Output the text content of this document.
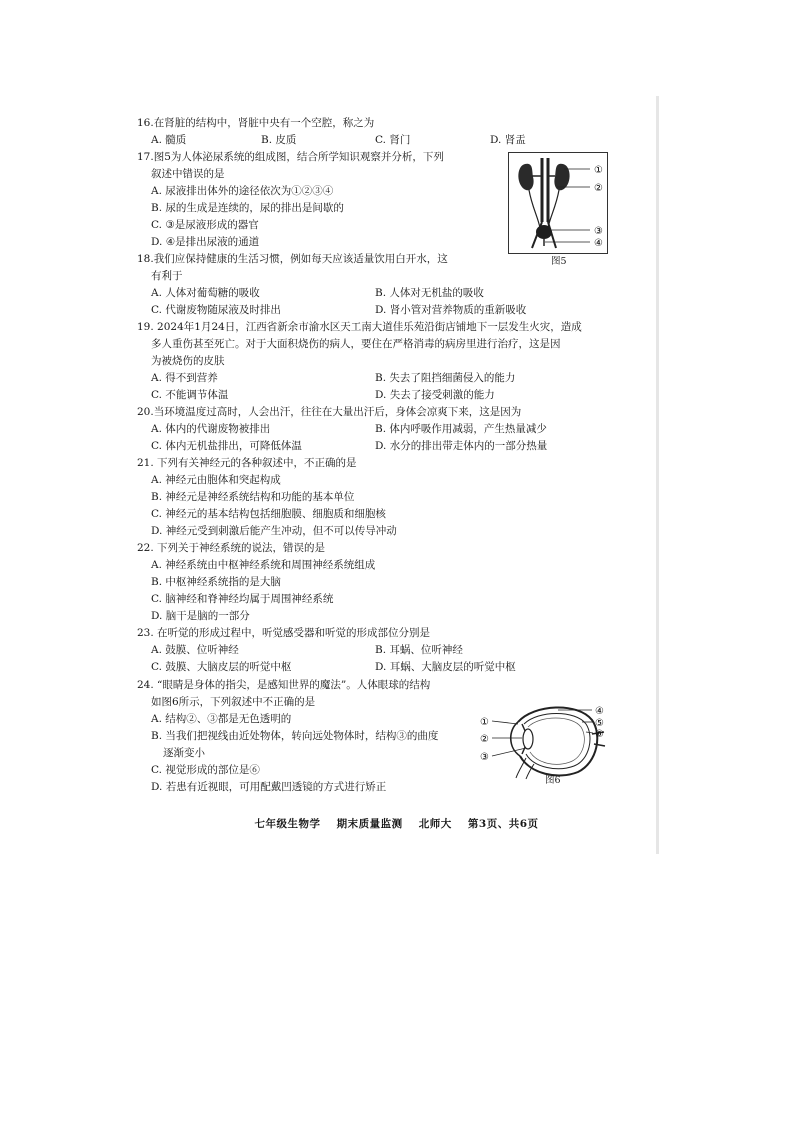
16.在肾脏的结构中，肾脏中央有一个空腔，称之为
A. 髓质	B. 皮质	C. 肾门	D. 肾盂
17.图5为人体泌尿系统的组成图，结合所学知识观察并分析，下列
叙述中错误的是
A. 尿液排出体外的途径依次为①②③④
B. 尿的生成是连续的，尿的排出是间歇的
C. ③是尿液形成的器官
D. ④是排出尿液的通道
①
②
③
④
图5
18.我们应保持健康的生活习惯，例如每天应该适量饮用白开水，这
有利于
A. 人体对葡萄糖的吸收	B. 人体对无机盐的吸收
C. 代谢废物随尿液及时排出	D. 肾小管对营养物质的重新吸收
19. 2024年1月24日，江西省新余市渝水区天工南大道佳乐苑沿街店铺地下一层发生火灾，造成
多人重伤甚至死亡。对于大面积烧伤的病人，要住在严格消毒的病房里进行治疗，这是因
为被烧伤的皮肤
A. 得不到营养	B. 失去了阻挡细菌侵入的能力
C. 不能调节体温	D. 失去了接受刺激的能力
20.当环境温度过高时，人会出汗，往往在大量出汗后，身体会凉爽下来，这是因为
A. 体内的代谢废物被排出	B. 体内呼吸作用减弱，产生热量减少
C. 体内无机盐排出，可降低体温	D. 水分的排出带走体内的一部分热量
21. 下列有关神经元的各种叙述中，不正确的是
A. 神经元由胞体和突起构成
B. 神经元是神经系统结构和功能的基本单位
C. 神经元的基本结构包括细胞膜、细胞质和细胞核
D. 神经元受到刺激后能产生冲动，但不可以传导冲动
22. 下列关于神经系统的说法，错误的是
A. 神经系统由中枢神经系统和周围神经系统组成
B. 中枢神经系统指的是大脑
C. 脑神经和脊神经均属于周围神经系统
D. 脑干是脑的一部分
23. 在听觉的形成过程中，听觉感受器和听觉的形成部位分别是
A. 鼓膜、位听神经	B. 耳蜗、位听神经
C. 鼓膜、大脑皮层的听觉中枢	D. 耳蜗、大脑皮层的听觉中枢
24. “眼睛是身体的指尖，是感知世界的魔法”。人体眼球的结构
如图6所示，下列叙述中不正确的是
A. 结构②、③都是无色透明的
B. 当我们把视线由近处物体，转向远处物体时，结构③的曲度
逐渐变小
C. 视觉形成的部位是⑥
D. 若患有近视眼，可用配戴凹透镜的方式进行矫正
①
②
③
④
⑤
⑥
图6
七年级生物学 期末质量监测 北师大 第3页、共6页
